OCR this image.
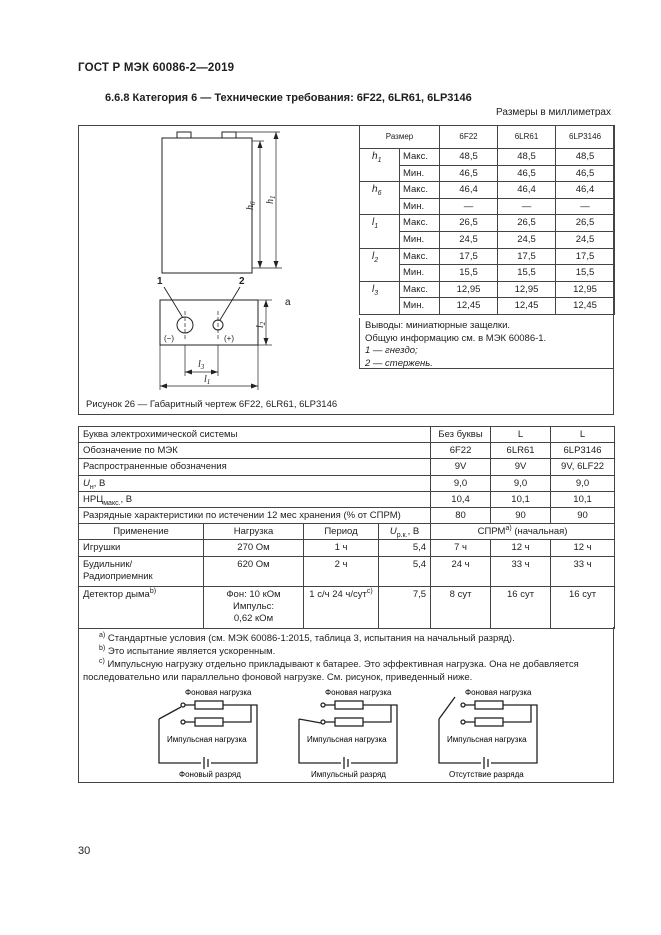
ГОСТ Р МЭК 60086-2—2019
6.6.8 Категория 6 — Технические требования: 6F22, 6LR61, 6LP3146
Размеры в миллиметрах
$h_6$ $h_1$
$l_2$
$l_3$
$l_1$
1	2
(−)	(+)
а
Рисунок 26 — Габаритный чертеж 6F22, 6LR61, 6LP3146
Размер		6F22	6LR61	6LP3146
$h_1$	Макс.	48,5	48,5	48,5
	Мин.	46,5	46,5	46,5
$h_6$	Макс.	46,4	46,4	46,4
	Мин.	—	—	—
$l_1$	Макс.	26,5	26,5	26,5
	Мин.	24,5	24,5	24,5
$l_2$	Макс.	17,5	17,5	17,5
	Мин.	15,5	15,5	15,5
$l_3$	Макс.	12,95	12,95	12,95
	Мин.	12,45	12,45	12,45
Выводы: миниатюрные защелки.
Общую информацию см. в МЭК 60086-1.
1 — гнездо;
2 — стержень.
Буква электрохимической системы				Без буквы	L	L
Обозначение по МЭК				6F22	6LR61	6LP3146
Распространенные обозначения				9V	9V	9V, 6LF22
$U_н$, В				9,0	9,0	9,0
$НРЦ_{макс.}$, В				10,4	10,1	10,1
Разрядные характеристики по истечении 12 мес хранения (% от СПРМ)				80	90	90
Применение	Нагрузка	Период	$U_{р.к.}$, В	СПРМ$^{a)}$ (начальная)		
Игрушки	270 Ом	1 ч	5,4	7 ч	12 ч	12 ч

Будильник/
Радиоприемник	620 Ом	2 ч	5,4	24 ч	33 ч	33 ч
Детектор дыма$^{b)}$	Фон: 10 кОм
Импульс:
0,62 кОм	1 с/ч 24 ч/сут$^{c)}$	7,5	8 сут	16 сут	16 сут
$^{a)}$ Стандартные условия (см. МЭК 60086-1:2015, таблица 3, испытания на начальный разряд).
$^{b)}$ Это испытание является ускоренным.
$^{c)}$ Импульсную нагрузку отдельно прикладывают к батарее. Это эффективная нагрузка. Она не добавляется последовательно или параллельно фоновой нагрузке. См. рисунок, приведенный ниже.
Фоновая нагрузка
Импульсная нагрузка
Фоновый разряд
Фоновая нагрузка
Импульсная нагрузка
Импульсный разряд
Фоновая нагрузка
Импульсная нагрузка
Отсутствие разряда
30
